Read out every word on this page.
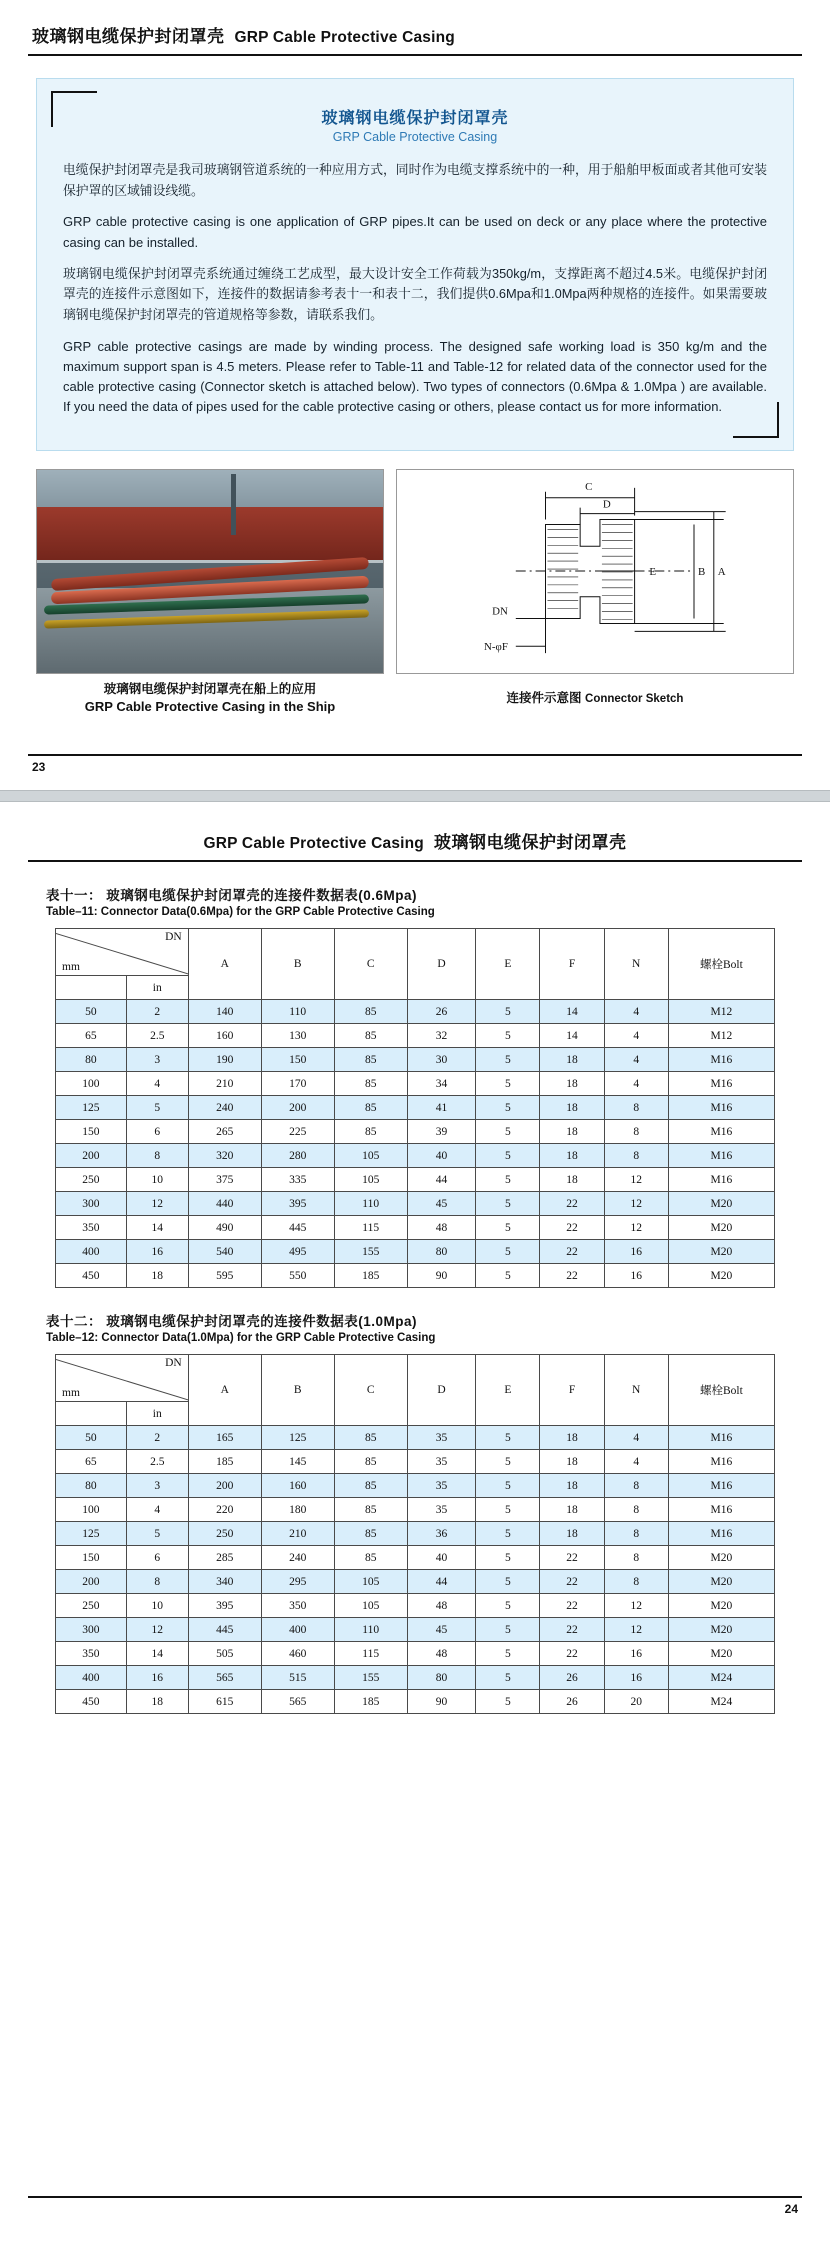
玻璃钢电缆保护封闭罩壳 GRP Cable Protective Casing
玻璃钢电缆保护封闭罩壳
GRP Cable Protective Casing

电缆保护封闭罩壳是我司玻璃钢管道系统的一种应用方式，同时作为电缆支撑系统中的一种，用于船舶甲板面或者其他可安装保护罩的区域铺设线缆。

GRP cable protective casing is one application of GRP pipes.It can be used on deck or any place where the protective casing can be installed.

玻璃钢电缆保护封闭罩壳系统通过缠绕工艺成型，最大设计安全工作荷载为350kg/m，支撑距离不超过4.5米。电缆保护封闭罩壳的连接件示意图如下，连接件的数据请参考表十一和表十二，我们提供0.6Mpa和1.0Mpa两种规格的连接件。如果需要玻璃钢电缆保护封闭罩壳的管道规格等参数，请联系我们。

GRP cable protective casings are made by winding process. The designed safe working load is 350 kg/m and the maximum support span is 4.5 meters. Please refer to Table-11 and Table-12 for related data of the connector used for the cable protective casing (Connector sketch is attached below). Two types of connectors (0.6Mpa & 1.0Mpa ) are available. If you need the data of pipes used for the cable protective casing or others, please contact us for more information.

玻璃钢电缆保护封闭罩壳在船上的应用
GRP Cable Protective Casing in the Ship
C
D
E	A
B
DN
N-φF
连接件示意图 Connector Sketch
23
GRP Cable Protective Casing 玻璃钢电缆保护封闭罩壳
表十一： 玻璃钢电缆保护封闭罩壳的连接件数据表(0.6Mpa)
Table–11: Connector Data(0.6Mpa) for the GRP Cable Protective Casing
DN
mm		A	B	C	D	E	F	N	螺栓Bolt
	in								
50	2	140	110	85	26	5	14	4	M12
65	2.5	160	130	85	32	5	14	4	M12
80	3	190	150	85	30	5	18	4	M16
100	4	210	170	85	34	5	18	4	M16
125	5	240	200	85	41	5	18	8	M16
150	6	265	225	85	39	5	18	8	M16
200	8	320	280	105	40	5	18	8	M16
250	10	375	335	105	44	5	18	12	M16
300	12	440	395	110	45	5	22	12	M20
350	14	490	445	115	48	5	22	12	M20
400	16	540	495	155	80	5	22	16	M20
450	18	595	550	185	90	5	22	16	M20
表十二： 玻璃钢电缆保护封闭罩壳的连接件数据表(1.0Mpa)
Table–12: Connector Data(1.0Mpa) for the GRP Cable Protective Casing
DN
mm		A	B	C	D	E	F	N	螺栓Bolt
	in								
50	2	165	125	85	35	5	18	4	M16
65	2.5	185	145	85	35	5	18	4	M16
80	3	200	160	85	35	5	18	8	M16
100	4	220	180	85	35	5	18	8	M16
125	5	250	210	85	36	5	18	8	M16
150	6	285	240	85	40	5	22	8	M20
200	8	340	295	105	44	5	22	8	M20
250	10	395	350	105	48	5	22	12	M20
300	12	445	400	110	45	5	22	12	M20
350	14	505	460	115	48	5	22	16	M20
400	16	565	515	155	80	5	26	16	M24
450	18	615	565	185	90	5	26	20	M24
24
